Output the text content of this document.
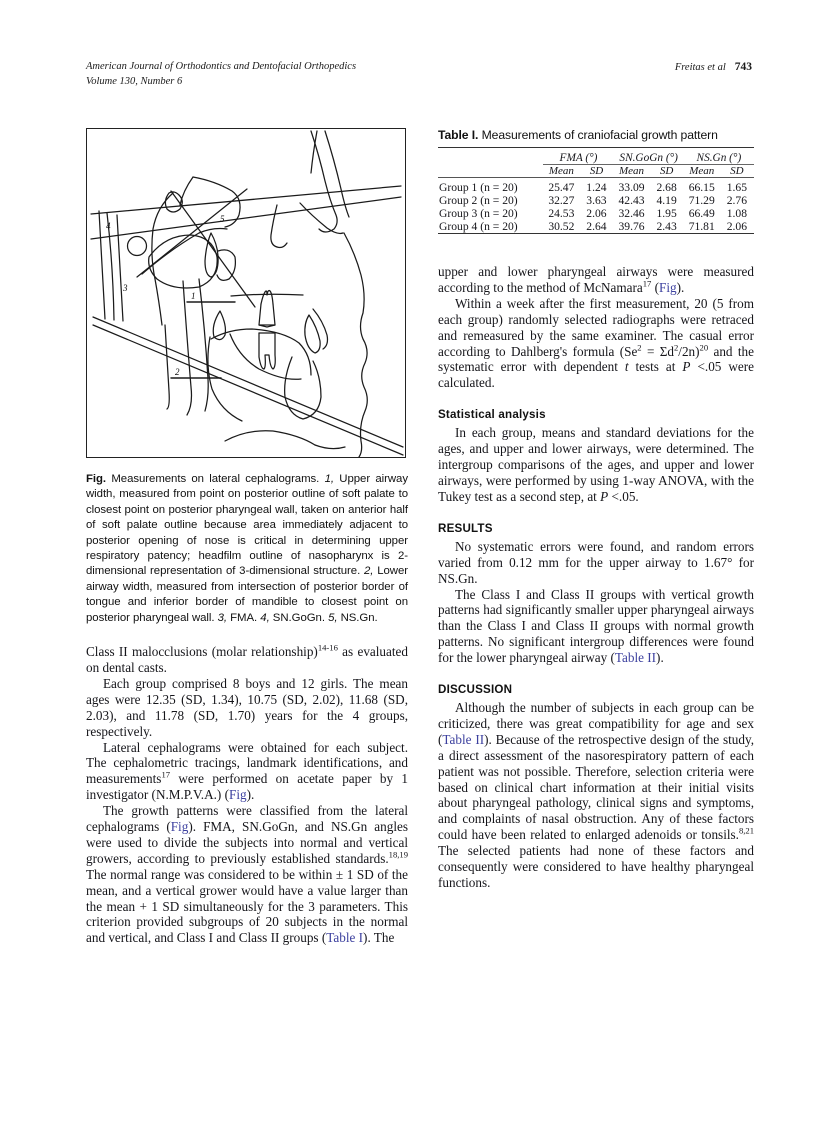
American Journal of Orthodontics and Dentofacial Orthopedics
Volume 130, Number 6
Freitas et al 743
1
2
3
4
5
Fig. Measurements on lateral cephalograms. 1, Upper airway width, measured from point on posterior outline of soft palate to closest point on posterior pharyngeal wall, taken on anterior half of soft palate outline because area immediately adjacent to posterior opening of nose is critical in determining upper respiratory patency; headfilm outline of nasopharynx is 2-dimensional representation of 3-dimensional structure. 2, Lower airway width, measured from intersection of posterior border of tongue and inferior border of mandible to closest point on posterior pharyngeal wall. 3, FMA. 4, SN.GoGn. 5, NS.Gn.

Class II malocclusions (molar relationship)$^{14-16}$ as evaluated on dental casts.

Each group comprised 8 boys and 12 girls. The mean ages were 12.35 (SD, 1.34), 10.75 (SD, 2.02), 11.68 (SD, 2.03), and 11.78 (SD, 1.70) years for the 4 groups, respectively.

Lateral cephalograms were obtained for each subject. The cephalometric tracings, landmark identifications, and measurements$^{17}$ were performed on acetate paper by 1 investigator (N.M.P.V.A.) (Fig).

The growth patterns were classified from the lateral cephalograms (Fig). FMA, SN.GoGn, and NS.Gn angles were used to divide the subjects into normal and vertical growers, according to previously established standards.$^{18,19}$ The normal range was considered to be within ± 1 SD of the mean, and a vertical grower would have a value larger than the mean + 1 SD simultaneously for the 3 parameters. This criterion provided subgroups of 20 subjects in the normal and vertical, and Class I and Class II groups (Table I). The

Table I. Measurements of craniofacial growth pattern

	FMA (°)		SN.GoGn (°)		NS.Gn (°)	
	Mean	SD	Mean	SD	Mean	SD

Group 1 (n = 20)	25.47	1.24	33.09	2.68	66.15	1.65
Group 2 (n = 20)	32.27	3.63	42.43	4.19	71.29	2.76
Group 3 (n = 20)	24.53	2.06	32.46	1.95	66.49	1.08
Group 4 (n = 20)	30.52	2.64	39.76	2.43	71.81	2.06

upper and lower pharyngeal airways were measured according to the method of McNamara$^{17}$ (Fig).

Within a week after the first measurement, 20 (5 from each group) randomly selected radiographs were retraced and remeasured by the same examiner. The casual error according to Dahlberg's formula $(Se^2 = \Sigma d^2/2n)^{20}$ and the systematic error with dependent t tests at P <.05 were calculated.

Statistical analysis

In each group, means and standard deviations for the ages, and upper and lower airways, were determined. The intergroup comparisons of the ages, and upper and lower airways, were performed by using 1-way ANOVA, with the Tukey test as a second step, at P <.05.

RESULTS

No systematic errors were found, and random errors varied from 0.12 mm for the upper airway to 1.67° for NS.Gn.

The Class I and Class II groups with vertical growth patterns had significantly smaller upper pharyngeal airways than the Class I and Class II groups with normal growth patterns. No significant intergroup differences were found for the lower pharyngeal airway (Table II).

DISCUSSION

Although the number of subjects in each group can be criticized, there was great compatibility for age and sex (Table II). Because of the retrospective design of the study, a direct assessment of the nasorespiratory pattern of each patient was not possible. Therefore, selection criteria were based on clinical chart information at their initial visits about pharyngeal pathology, clinical signs and symptoms, and complaints of nasal obstruction. Any of these factors could have been related to enlarged adenoids or tonsils.$^{8,21}$ The selected patients had none of these factors and consequently were considered to have healthy pharyngeal functions.
